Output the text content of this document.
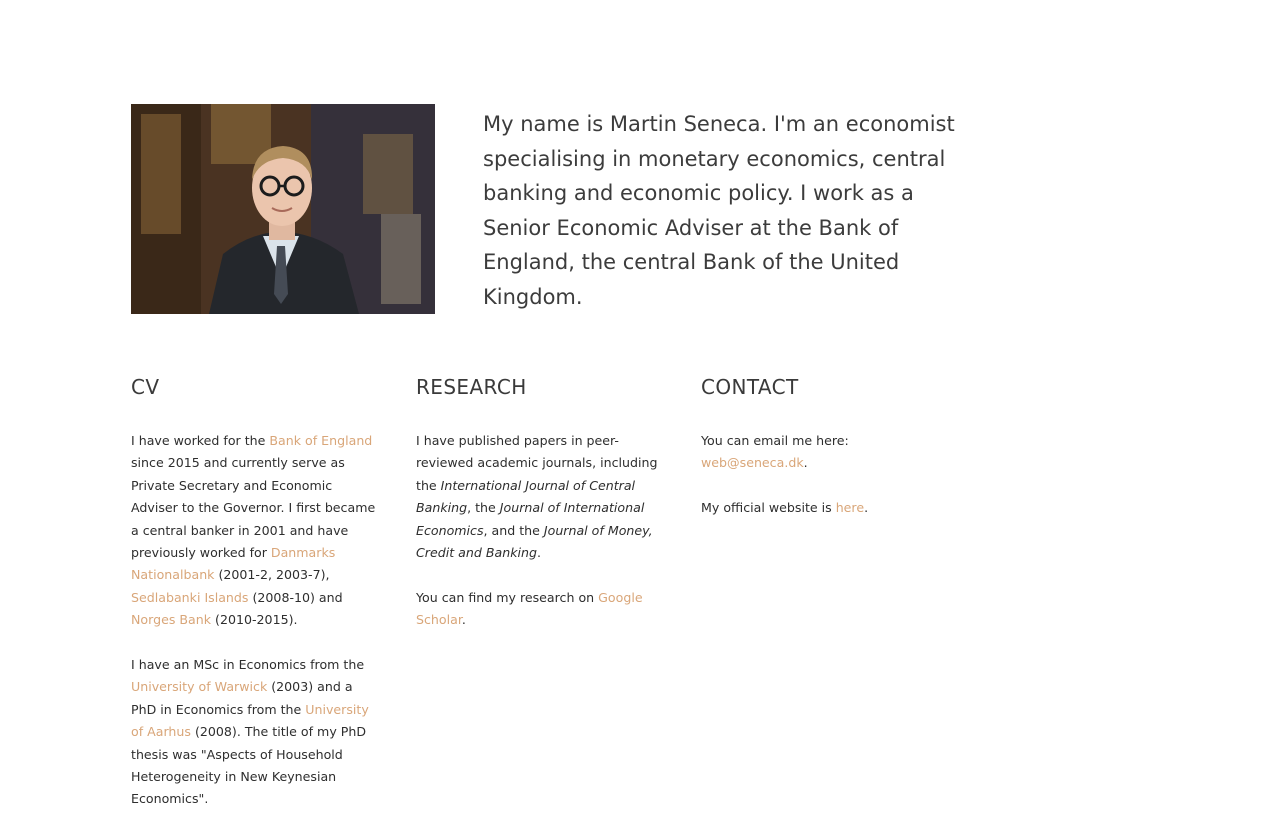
My name is Martin Seneca. I'm an economist specialising in monetary economics, central banking and economic policy. I work as a Senior Economic Adviser at the Bank of England, the central Bank of the United Kingdom.

CV

I have worked for the Bank of England since 2015 and currently serve as Private Secretary and Economic Adviser to the Governor. I first became a central banker in 2001 and have previously worked for Danmarks Nationalbank (2001-2, 2003-7), Sedlabanki Islands (2008-10) and Norges Bank (2010-2015).

I have an MSc in Economics from the University of Warwick (2003) and a PhD in Economics from the University of Aarhus (2008). The title of my PhD thesis was "Aspects of Household Heterogeneity in New Keynesian Economics".

RESEARCH

I have published papers in peer-reviewed academic journals, including the International Journal of Central Banking, the Journal of International Economics, and the Journal of Money, Credit and Banking.

You can find my research on Google Scholar.

CONTACT

You can email me here: web@seneca.dk.

My official website is here.
